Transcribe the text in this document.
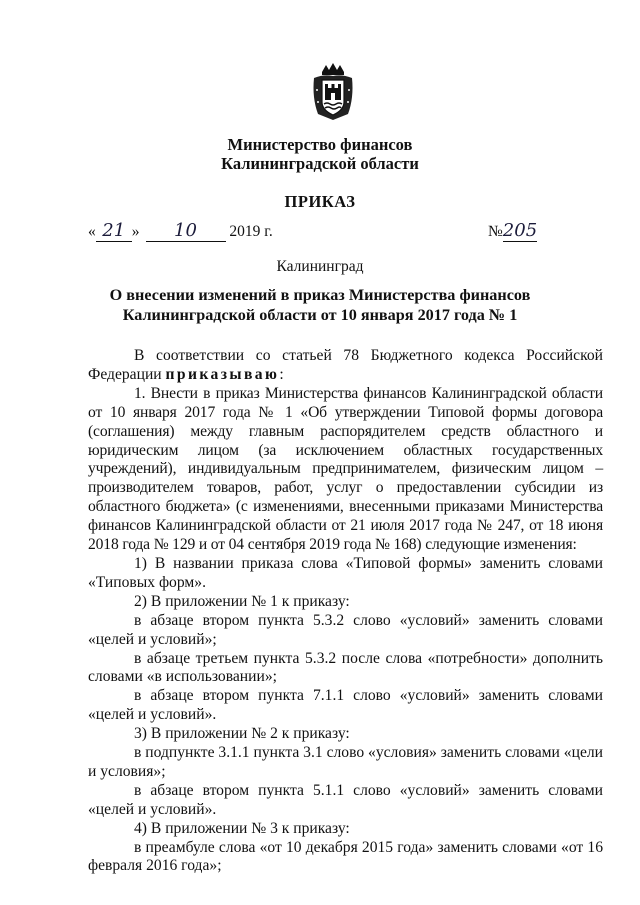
Министерство финансов
Калининградской области
ПРИКАЗ
« 21 » 10 2019 г.	№205
Калининград
О внесении изменений в приказ Министерства финансов
Калининградской области от 10 января 2017 года № 1

В соответствии со статьей 78 Бюджетного кодекса Российской Федерации приказываю:

1. Внести в приказ Министерства финансов Калининградской области от 10 января 2017 года № 1 «Об утверждении Типовой формы договора (соглашения) между главным распорядителем средств областного и юридическим лицом (за исключением областных государственных учреждений), индивидуальным предпринимателем, физическим лицом – производителем товаров, работ, услуг о предоставлении субсидии из областного бюджета» (с изменениями, внесенными приказами Министерства финансов Калининградской области от 21 июля 2017 года № 247, от 18 июня 2018 года № 129 и от 04 сентября 2019 года № 168) следующие изменения:

1) В названии приказа слова «Типовой формы» заменить словами «Типовых форм».

2) В приложении № 1 к приказу:

в абзаце втором пункта 5.3.2 слово «условий» заменить словами «целей и условий»;

в абзаце третьем пункта 5.3.2 после слова «потребности» дополнить словами «в использовании»;

в абзаце втором пункта 7.1.1 слово «условий» заменить словами «целей и условий».

3) В приложении № 2 к приказу:

в подпункте 3.1.1 пункта 3.1 слово «условия» заменить словами «цели и условия»;

в абзаце втором пункта 5.1.1 слово «условий» заменить словами «целей и условий».

4) В приложении № 3 к приказу:

в преамбуле слова «от 10 декабря 2015 года» заменить словами «от 16 февраля 2016 года»;
